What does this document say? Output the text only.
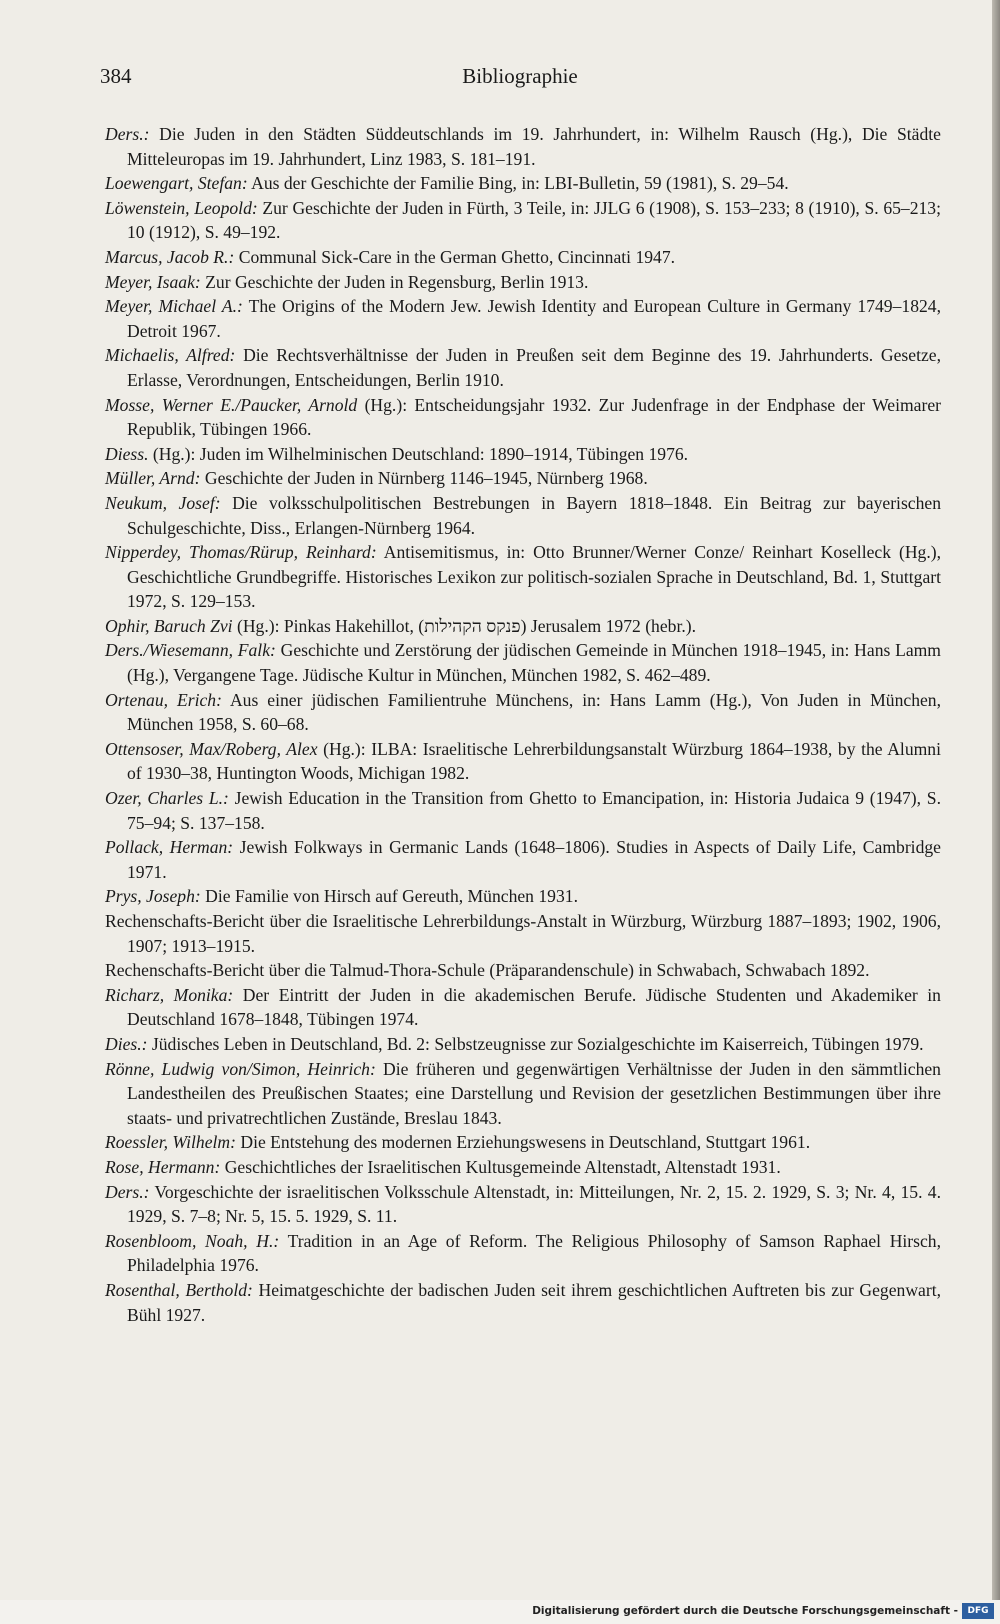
384	Bibliographie
Ders.: Die Juden in den Städten Süddeutschlands im 19. Jahrhundert, in: Wilhelm Rausch (Hg.), Die Städte Mitteleuropas im 19. Jahrhundert, Linz 1983, S. 181–191.
Loewengart, Stefan: Aus der Geschichte der Familie Bing, in: LBI-Bulletin, 59 (1981), S. 29–54.
Löwenstein, Leopold: Zur Geschichte der Juden in Fürth, 3 Teile, in: JJLG 6 (1908), S. 153–233; 8 (1910), S. 65–213; 10 (1912), S. 49–192.
Marcus, Jacob R.: Communal Sick-Care in the German Ghetto, Cincinnati 1947.
Meyer, Isaak: Zur Geschichte der Juden in Regensburg, Berlin 1913.
Meyer, Michael A.: The Origins of the Modern Jew. Jewish Identity and European Culture in Germany 1749–1824, Detroit 1967.
Michaelis, Alfred: Die Rechtsverhältnisse der Juden in Preußen seit dem Beginne des 19. Jahrhunderts. Gesetze, Erlasse, Verordnungen, Entscheidungen, Berlin 1910.
Mosse, Werner E./Paucker, Arnold (Hg.): Entscheidungsjahr 1932. Zur Judenfrage in der Endphase der Weimarer Republik, Tübingen 1966.
Diess. (Hg.): Juden im Wilhelminischen Deutschland: 1890–1914, Tübingen 1976.
Müller, Arnd: Geschichte der Juden in Nürnberg 1146–1945, Nürnberg 1968.
Neukum, Josef: Die volksschulpolitischen Bestrebungen in Bayern 1818–1848. Ein Beitrag zur bayerischen Schulgeschichte, Diss., Erlangen-Nürnberg 1964.
Nipperdey, Thomas/Rürup, Reinhard: Antisemitismus, in: Otto Brunner/Werner Conze/ Reinhart Koselleck (Hg.), Geschichtliche Grundbegriffe. Historisches Lexikon zur politisch-sozialen Sprache in Deutschland, Bd. 1, Stuttgart 1972, S. 129–153.
Ophir, Baruch Zvi (Hg.): Pinkas Hakehillot, (פנקס הקהילות) Jerusalem 1972 (hebr.).
Ders./Wiesemann, Falk: Geschichte und Zerstörung der jüdischen Gemeinde in München 1918–1945, in: Hans Lamm (Hg.), Vergangene Tage. Jüdische Kultur in München, München 1982, S. 462–489.
Ortenau, Erich: Aus einer jüdischen Familientruhe Münchens, in: Hans Lamm (Hg.), Von Juden in München, München 1958, S. 60–68.
Ottensoser, Max/Roberg, Alex (Hg.): ILBA: Israelitische Lehrerbildungsanstalt Würzburg 1864–1938, by the Alumni of 1930–38, Huntington Woods, Michigan 1982.
Ozer, Charles L.: Jewish Education in the Transition from Ghetto to Emancipation, in: Historia Judaica 9 (1947), S. 75–94; S. 137–158.
Pollack, Herman: Jewish Folkways in Germanic Lands (1648–1806). Studies in Aspects of Daily Life, Cambridge 1971.
Prys, Joseph: Die Familie von Hirsch auf Gereuth, München 1931.
Rechenschafts-Bericht über die Israelitische Lehrerbildungs-Anstalt in Würzburg, Würzburg 1887–1893; 1902, 1906, 1907; 1913–1915.
Rechenschafts-Bericht über die Talmud-Thora-Schule (Präparandenschule) in Schwabach, Schwabach 1892.
Richarz, Monika: Der Eintritt der Juden in die akademischen Berufe. Jüdische Studenten und Akademiker in Deutschland 1678–1848, Tübingen 1974.
Dies.: Jüdisches Leben in Deutschland, Bd. 2: Selbstzeugnisse zur Sozialgeschichte im Kaiserreich, Tübingen 1979.
Rönne, Ludwig von/Simon, Heinrich: Die früheren und gegenwärtigen Verhältnisse der Juden in den sämmtlichen Landestheilen des Preußischen Staates; eine Darstellung und Revision der gesetzlichen Bestimmungen über ihre staats- und privatrechtlichen Zustände, Breslau 1843.
Roessler, Wilhelm: Die Entstehung des modernen Erziehungswesens in Deutschland, Stuttgart 1961.
Rose, Hermann: Geschichtliches der Israelitischen Kultusgemeinde Altenstadt, Altenstadt 1931.
Ders.: Vorgeschichte der israelitischen Volksschule Altenstadt, in: Mitteilungen, Nr. 2, 15. 2. 1929, S. 3; Nr. 4, 15. 4. 1929, S. 7–8; Nr. 5, 15. 5. 1929, S. 11.
Rosenbloom, Noah, H.: Tradition in an Age of Reform. The Religious Philosophy of Samson Raphael Hirsch, Philadelphia 1976.
Rosenthal, Berthold: Heimatgeschichte der badischen Juden seit ihrem geschichtlichen Auftreten bis zur Gegenwart, Bühl 1927.
Digitalisierung gefördert durch die Deutsche Forschungsgemeinschaft -	DFG
